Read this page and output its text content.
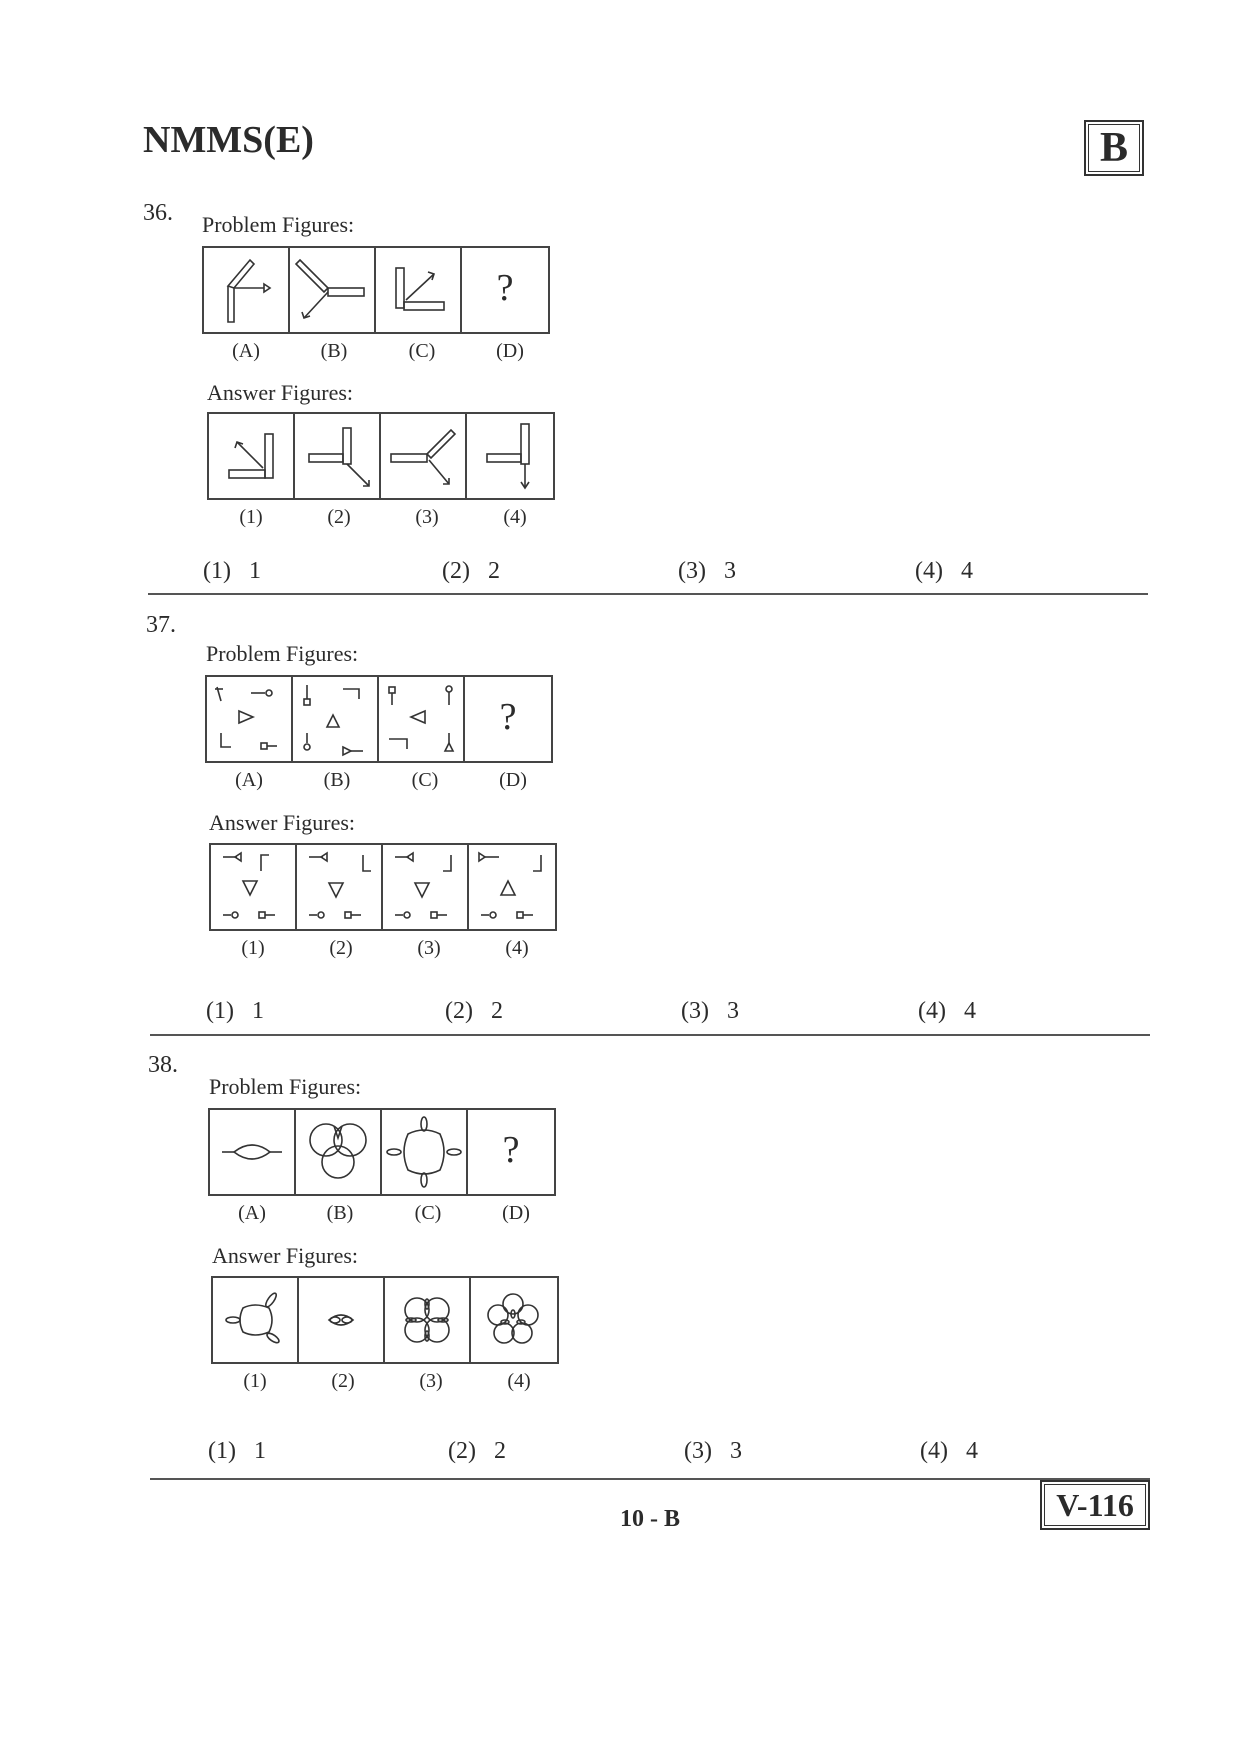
NMMS(E)	B
36. Problem Figures:
?
(A)	(B)	(C)	(D)
Answer Figures:
(1)	(2)	(3)	(4)
(1) 1	(2) 2	(3) 3	(4) 4
37.
Problem Figures:
?
(A)	(B)	(C)	(D)
Answer Figures:
(1)	(2)	(3)	(4)
(1) 1	(2) 2	(3) 3	(4) 4
38.
Problem Figures:
?
(A)	(B)	(C)	(D)
Answer Figures:
(1)	(2)	(3)	(4)
(1) 1	(2) 2	(3) 3	(4) 4
10 - B	V-116
